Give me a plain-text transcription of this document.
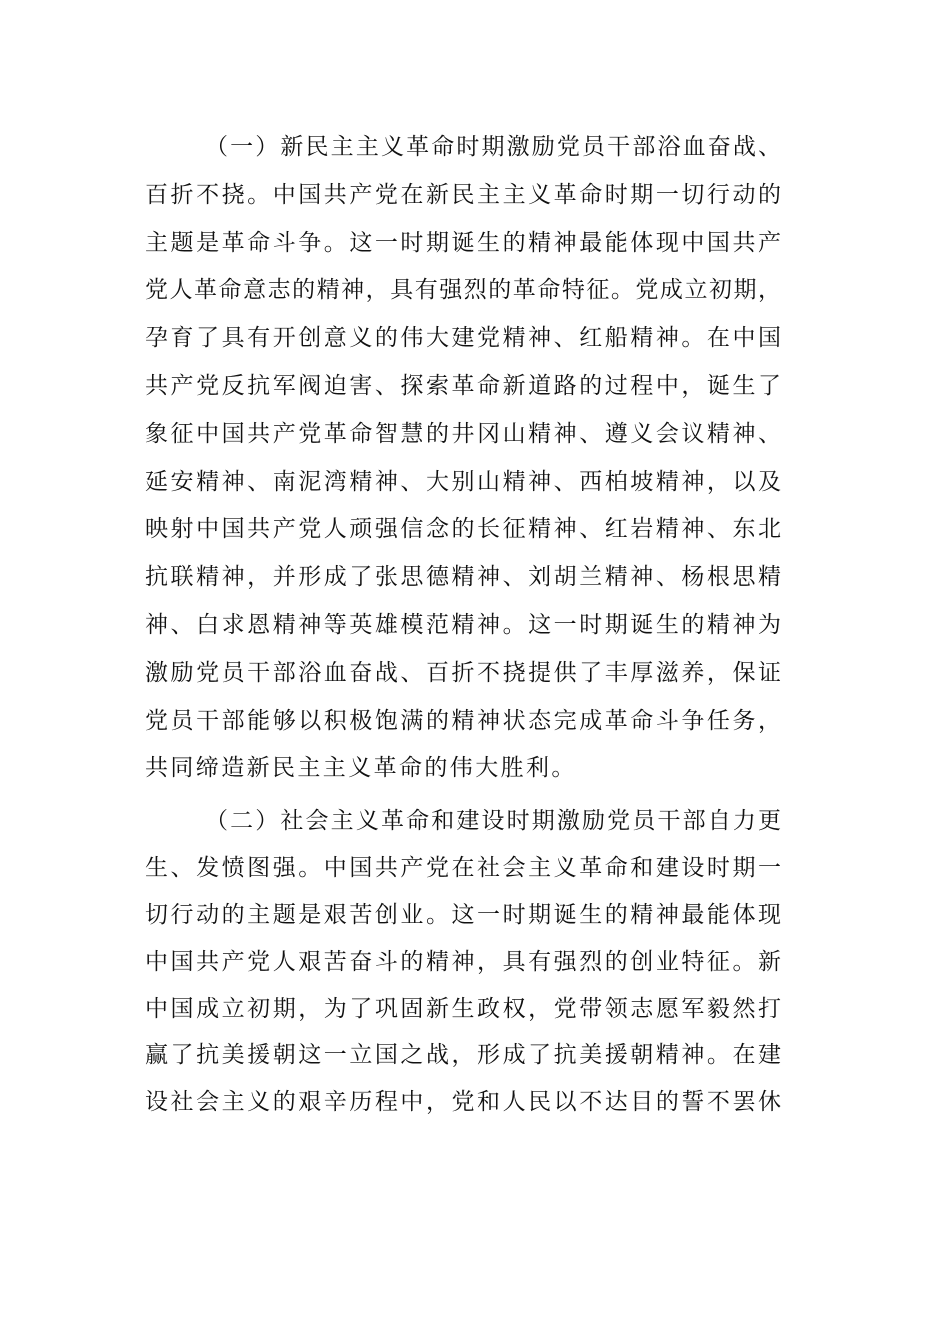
（一）新民主主义革命时期激励党员干部浴血奋战、
百折不挠。中国共产党在新民主主义革命时期一切行动的
主题是革命斗争。这一时期诞生的精神最能体现中国共产
党人革命意志的精神，具有强烈的革命特征。党成立初期，
孕育了具有开创意义的伟大建党精神、红船精神。在中国
共产党反抗军阀迫害、探索革命新道路的过程中，诞生了
象征中国共产党革命智慧的井冈山精神、遵义会议精神、
延安精神、南泥湾精神、大别山精神、西柏坡精神，以及
映射中国共产党人顽强信念的长征精神、红岩精神、东北
抗联精神，并形成了张思德精神、刘胡兰精神、杨根思精
神、白求恩精神等英雄模范精神。这一时期诞生的精神为
激励党员干部浴血奋战、百折不挠提供了丰厚滋养，保证
党员干部能够以积极饱满的精神状态完成革命斗争任务，
共同缔造新民主主义革命的伟大胜利。
（二）社会主义革命和建设时期激励党员干部自力更
生、发愤图强。中国共产党在社会主义革命和建设时期一
切行动的主题是艰苦创业。这一时期诞生的精神最能体现
中国共产党人艰苦奋斗的精神，具有强烈的创业特征。新
中国成立初期，为了巩固新生政权，党带领志愿军毅然打
赢了抗美援朝这一立国之战，形成了抗美援朝精神。在建
设社会主义的艰辛历程中，党和人民以不达目的誓不罢休
